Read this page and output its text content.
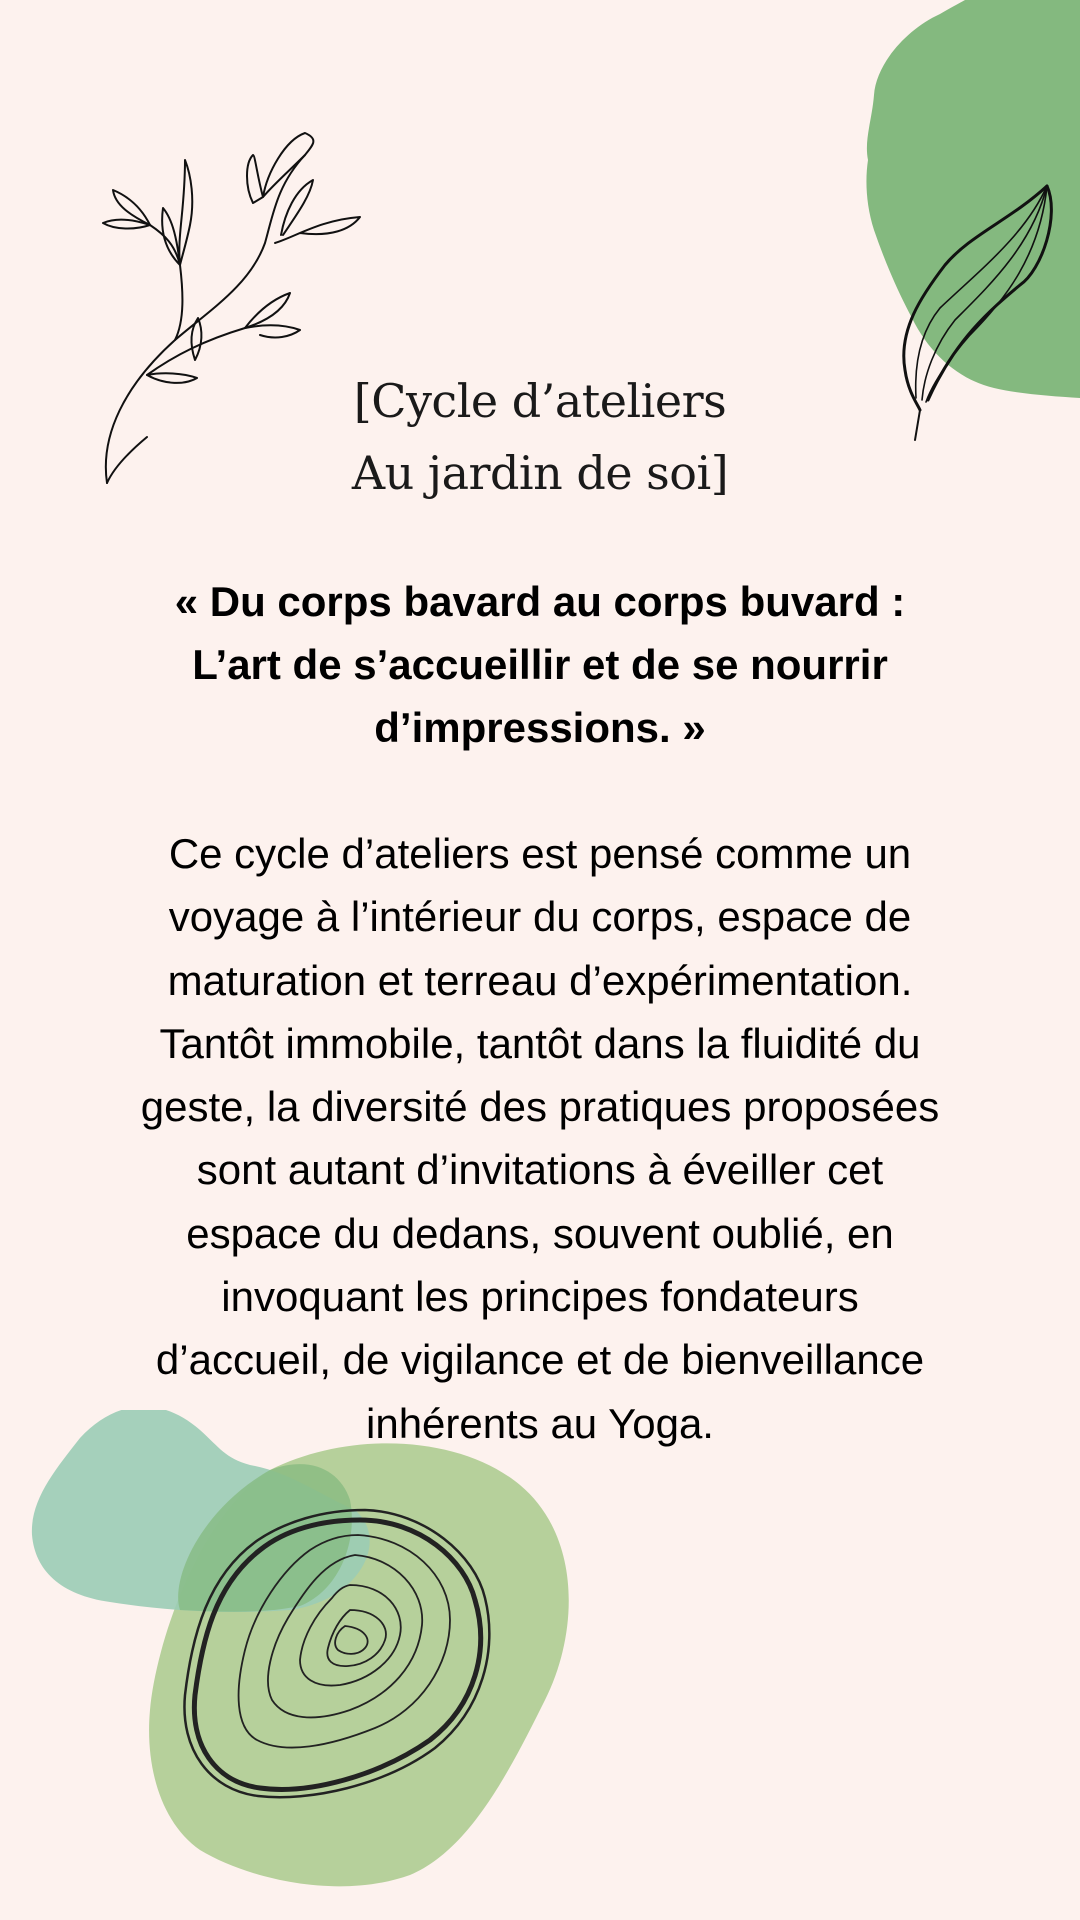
[Cycle d’ateliers
Au jardin de soi]
« Du corps bavard au corps buvard :
L’art de s’accueillir et de se nourrir
d’impressions. »
Ce cycle d’ateliers est pensé comme un
voyage à l’intérieur du corps, espace de
maturation et terreau d’expérimentation.
Tantôt immobile, tantôt dans la fluidité du
geste, la diversité des pratiques proposées
sont autant d’invitations à éveiller cet
espace du dedans, souvent oublié, en
invoquant les principes fondateurs
d’accueil, de vigilance et de bienveillance
inhérents au Yoga.
